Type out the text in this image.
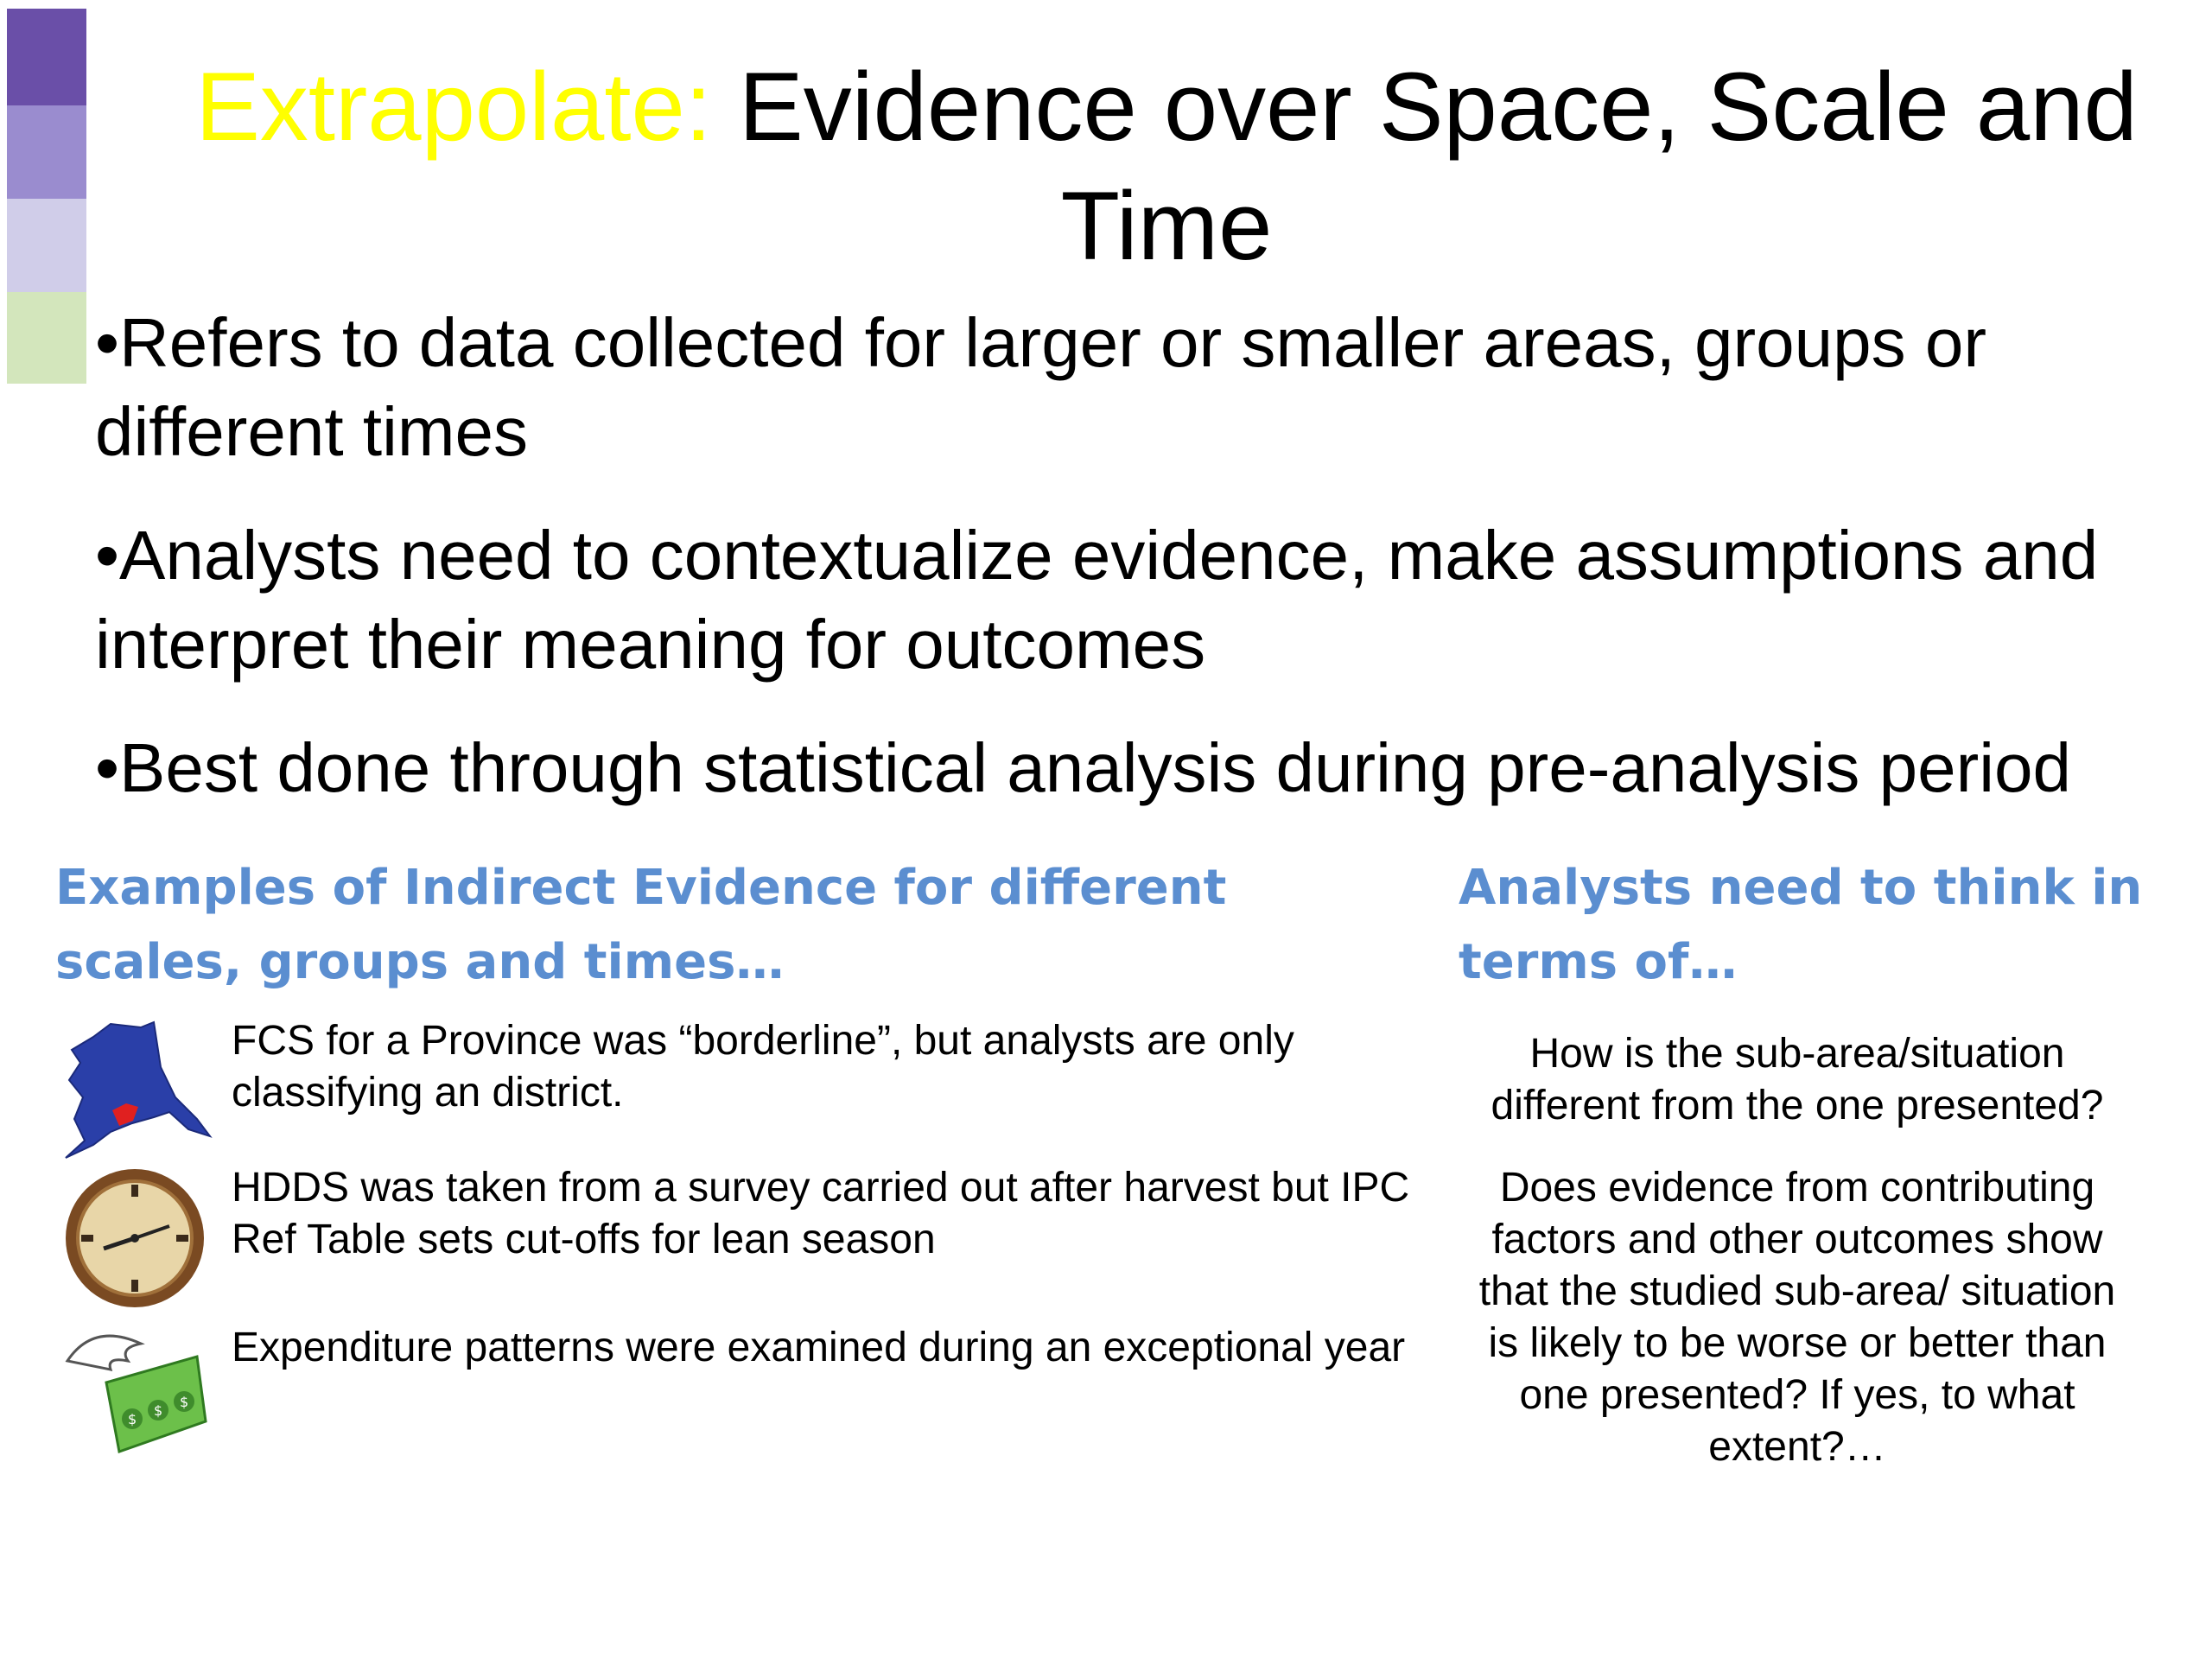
Extrapolate: Evidence over Space, Scale and Time
•Refers to data collected for larger or smaller areas, groups or different times
•Analysts need to contextualize evidence, make assumptions and interpret their meaning for outcomes
•Best done through statistical analysis during pre-analysis period
Examples of Indirect Evidence for different scales, groups and times…
Analysts need to think in terms of…
FCS for a Province was “borderline”, but analysts are only classifying an district.
HDDS was taken from a survey carried out after harvest but IPC Ref Table sets cut-offs for lean season
$
$
$
Expenditure patterns were examined during an exceptional year
How is the sub-area/situation different from the one presented?
Does evidence from contributing factors and other outcomes show that the studied sub-area/ situation is likely to be worse or better than one presented? If yes, to what extent?…
